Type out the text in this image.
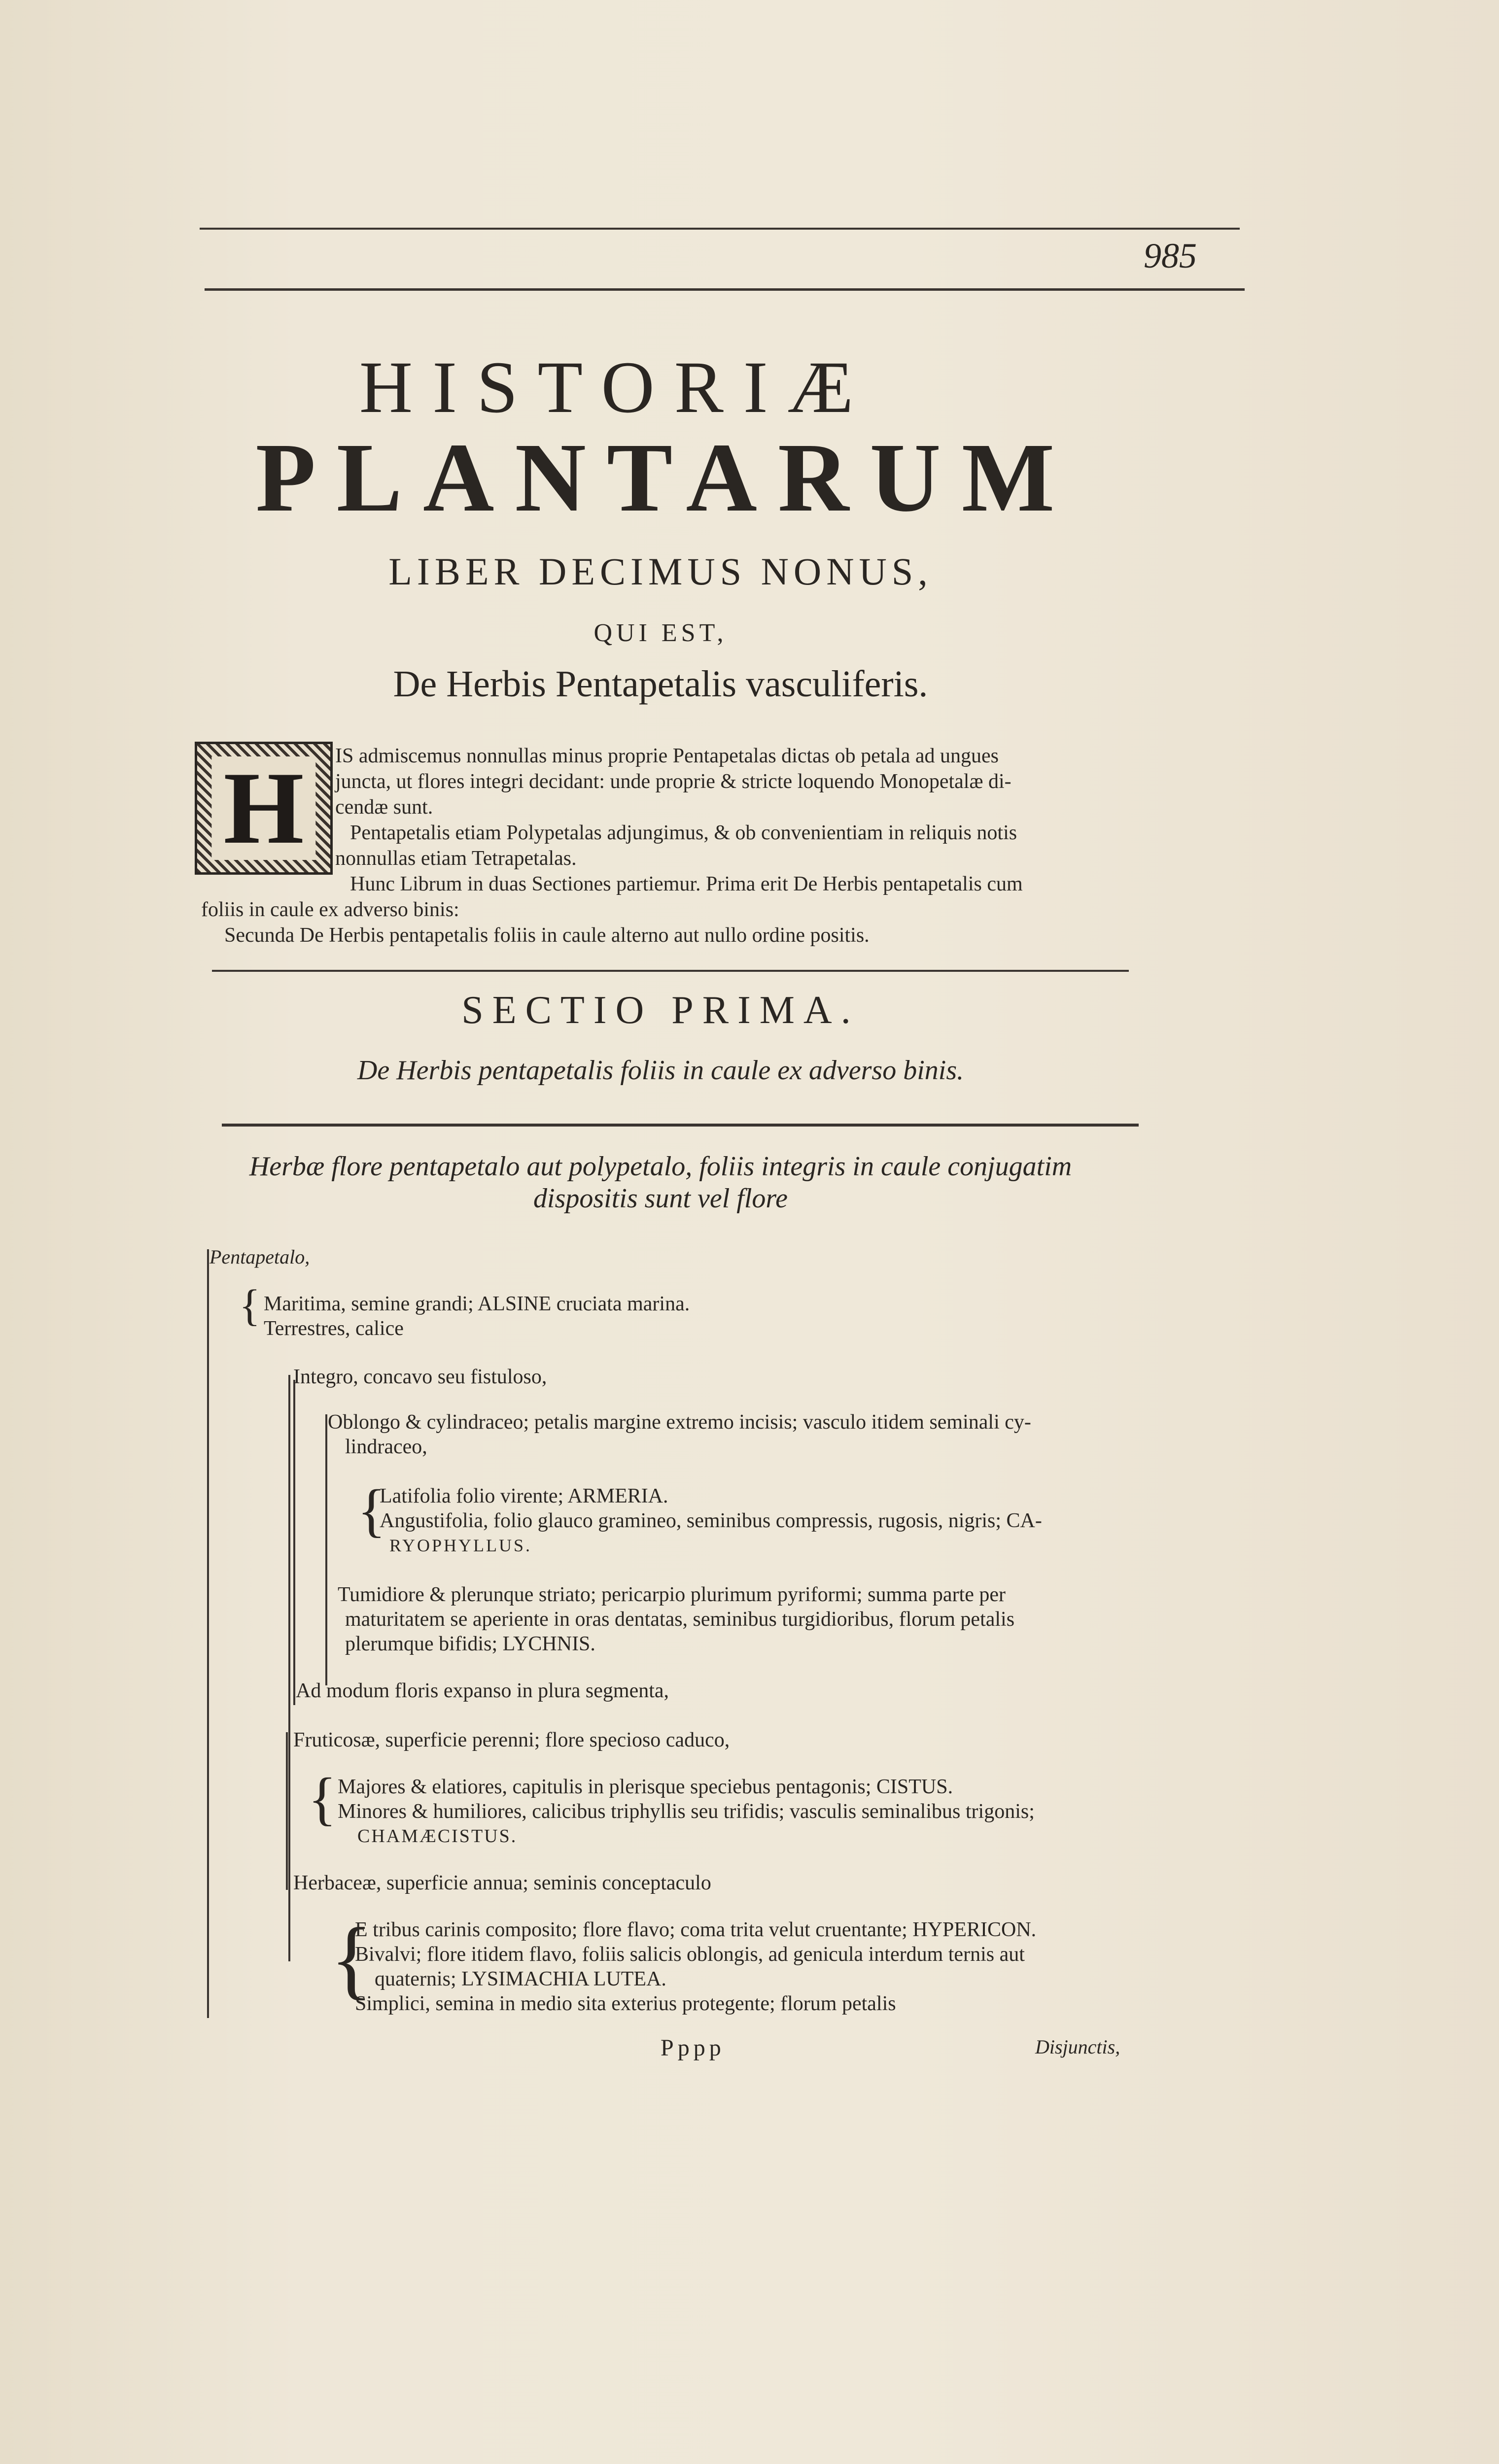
985
HISTORIÆ
PLANTARUM
LIBER DECIMUS NONUS,
QUI EST,
De Herbis Pentapetalis vasculiferis.
H	IS admiscemus nonnullas minus proprie Pentapetalas dictas ob petala ad ungues
juncta, ut flores integri decidant: unde proprie & stricte loquendo Monopetalæ di-
cendæ sunt.
Pentapetalis etiam Polypetalas adjungimus, & ob convenientiam in reliquis notis
nonnullas etiam Tetrapetalas.
Hunc Librum in duas Sectiones partiemur. Prima erit De Herbis pentapetalis cum
foliis in caule ex adverso binis:
Secunda De Herbis pentapetalis foliis in caule alterno aut nullo ordine positis.
SECTIO PRIMA.
De Herbis pentapetalis foliis in caule ex adverso binis.
Herbæ flore pentapetalo aut polypetalo, foliis integris in caule conjugatim
dispositis sunt vel flore
{
{
{
{
Pentapetalo,
Maritima, semine grandi; ALSINE cruciata marina.
Terrestres, calice
Integro, concavo seu fistuloso,
Oblongo & cylindraceo; petalis margine extremo incisis; vasculo itidem seminali cy-
lindraceo,
Latifolia folio virente; ARMERIA.
Angustifolia, folio glauco gramineo, seminibus compressis, rugosis, nigris; CA-
RYOPHYLLUS.
Tumidiore & plerunque striato; pericarpio plurimum pyriformi; summa parte per
maturitatem se aperiente in oras dentatas, seminibus turgidioribus, florum petalis
plerumque bifidis; LYCHNIS.
Ad modum floris expanso in plura segmenta,
Fruticosæ, superficie perenni; flore specioso caduco,
Majores & elatiores, capitulis in plerisque speciebus pentagonis; CISTUS.
Minores & humiliores, calicibus triphyllis seu trifidis; vasculis seminalibus trigonis;
CHAMÆCISTUS.
Herbaceæ, superficie annua; seminis conceptaculo
E tribus carinis composito; flore flavo; coma trita velut cruentante; HYPERICON.
Bivalvi; flore itidem flavo, foliis salicis oblongis, ad genicula interdum ternis aut
quaternis; LYSIMACHIA LUTEA.
Simplici, semina in medio sita exterius protegente; florum petalis
Pppp	Disjunctis,
